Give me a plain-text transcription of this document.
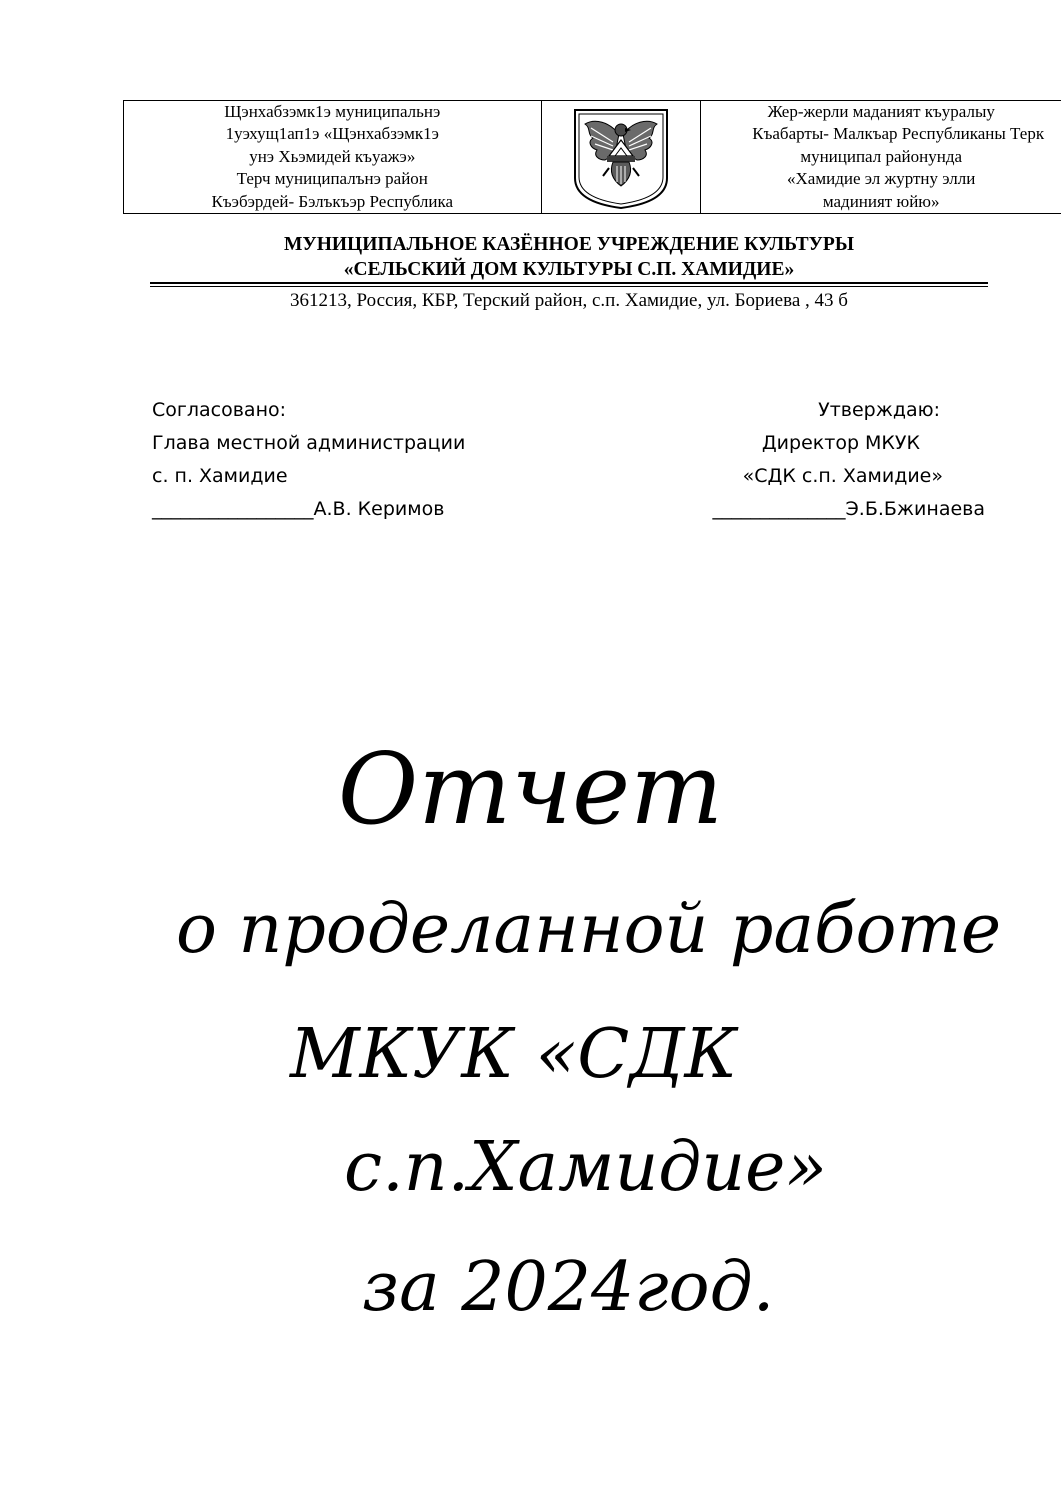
Щэнхабзэмк1э муниципальнэ
1уэхущ1ап1э «Щэнхабзэмк1э
унэ Хьэмидей къуажэ»
Терч муниципалънэ район
Къэбэрдей- Бэлъкъэр Республика
Жер-жерли маданият къуралыу
Къабарты- Малкъар Республиканы Терк
муниципал районунда
«Хамидие эл журтну элли
мадиният юйю»
МУНИЦИПАЛЬНОЕ КАЗЁННОЕ УЧРЕЖДЕНИЕ КУЛЬТУРЫ
«СЕЛЬСКИЙ ДОМ КУЛЬТУРЫ С.П. ХАМИДИЕ»
361213, Россия, КБР, Терский район, с.п. Хамидие, ул. Бориева , 43 б
Согласовано:
Глава местной администрации
с. п. Хамидие
_________________А.В. Керимов
Утверждаю:
Директор МКУК
«СДК с.п. Хамидие»
______________Э.Б.Бжинаева
Отчет
о проделанной работе
МКУК «СДК
с.п.Хамидие»
за 2024год.
